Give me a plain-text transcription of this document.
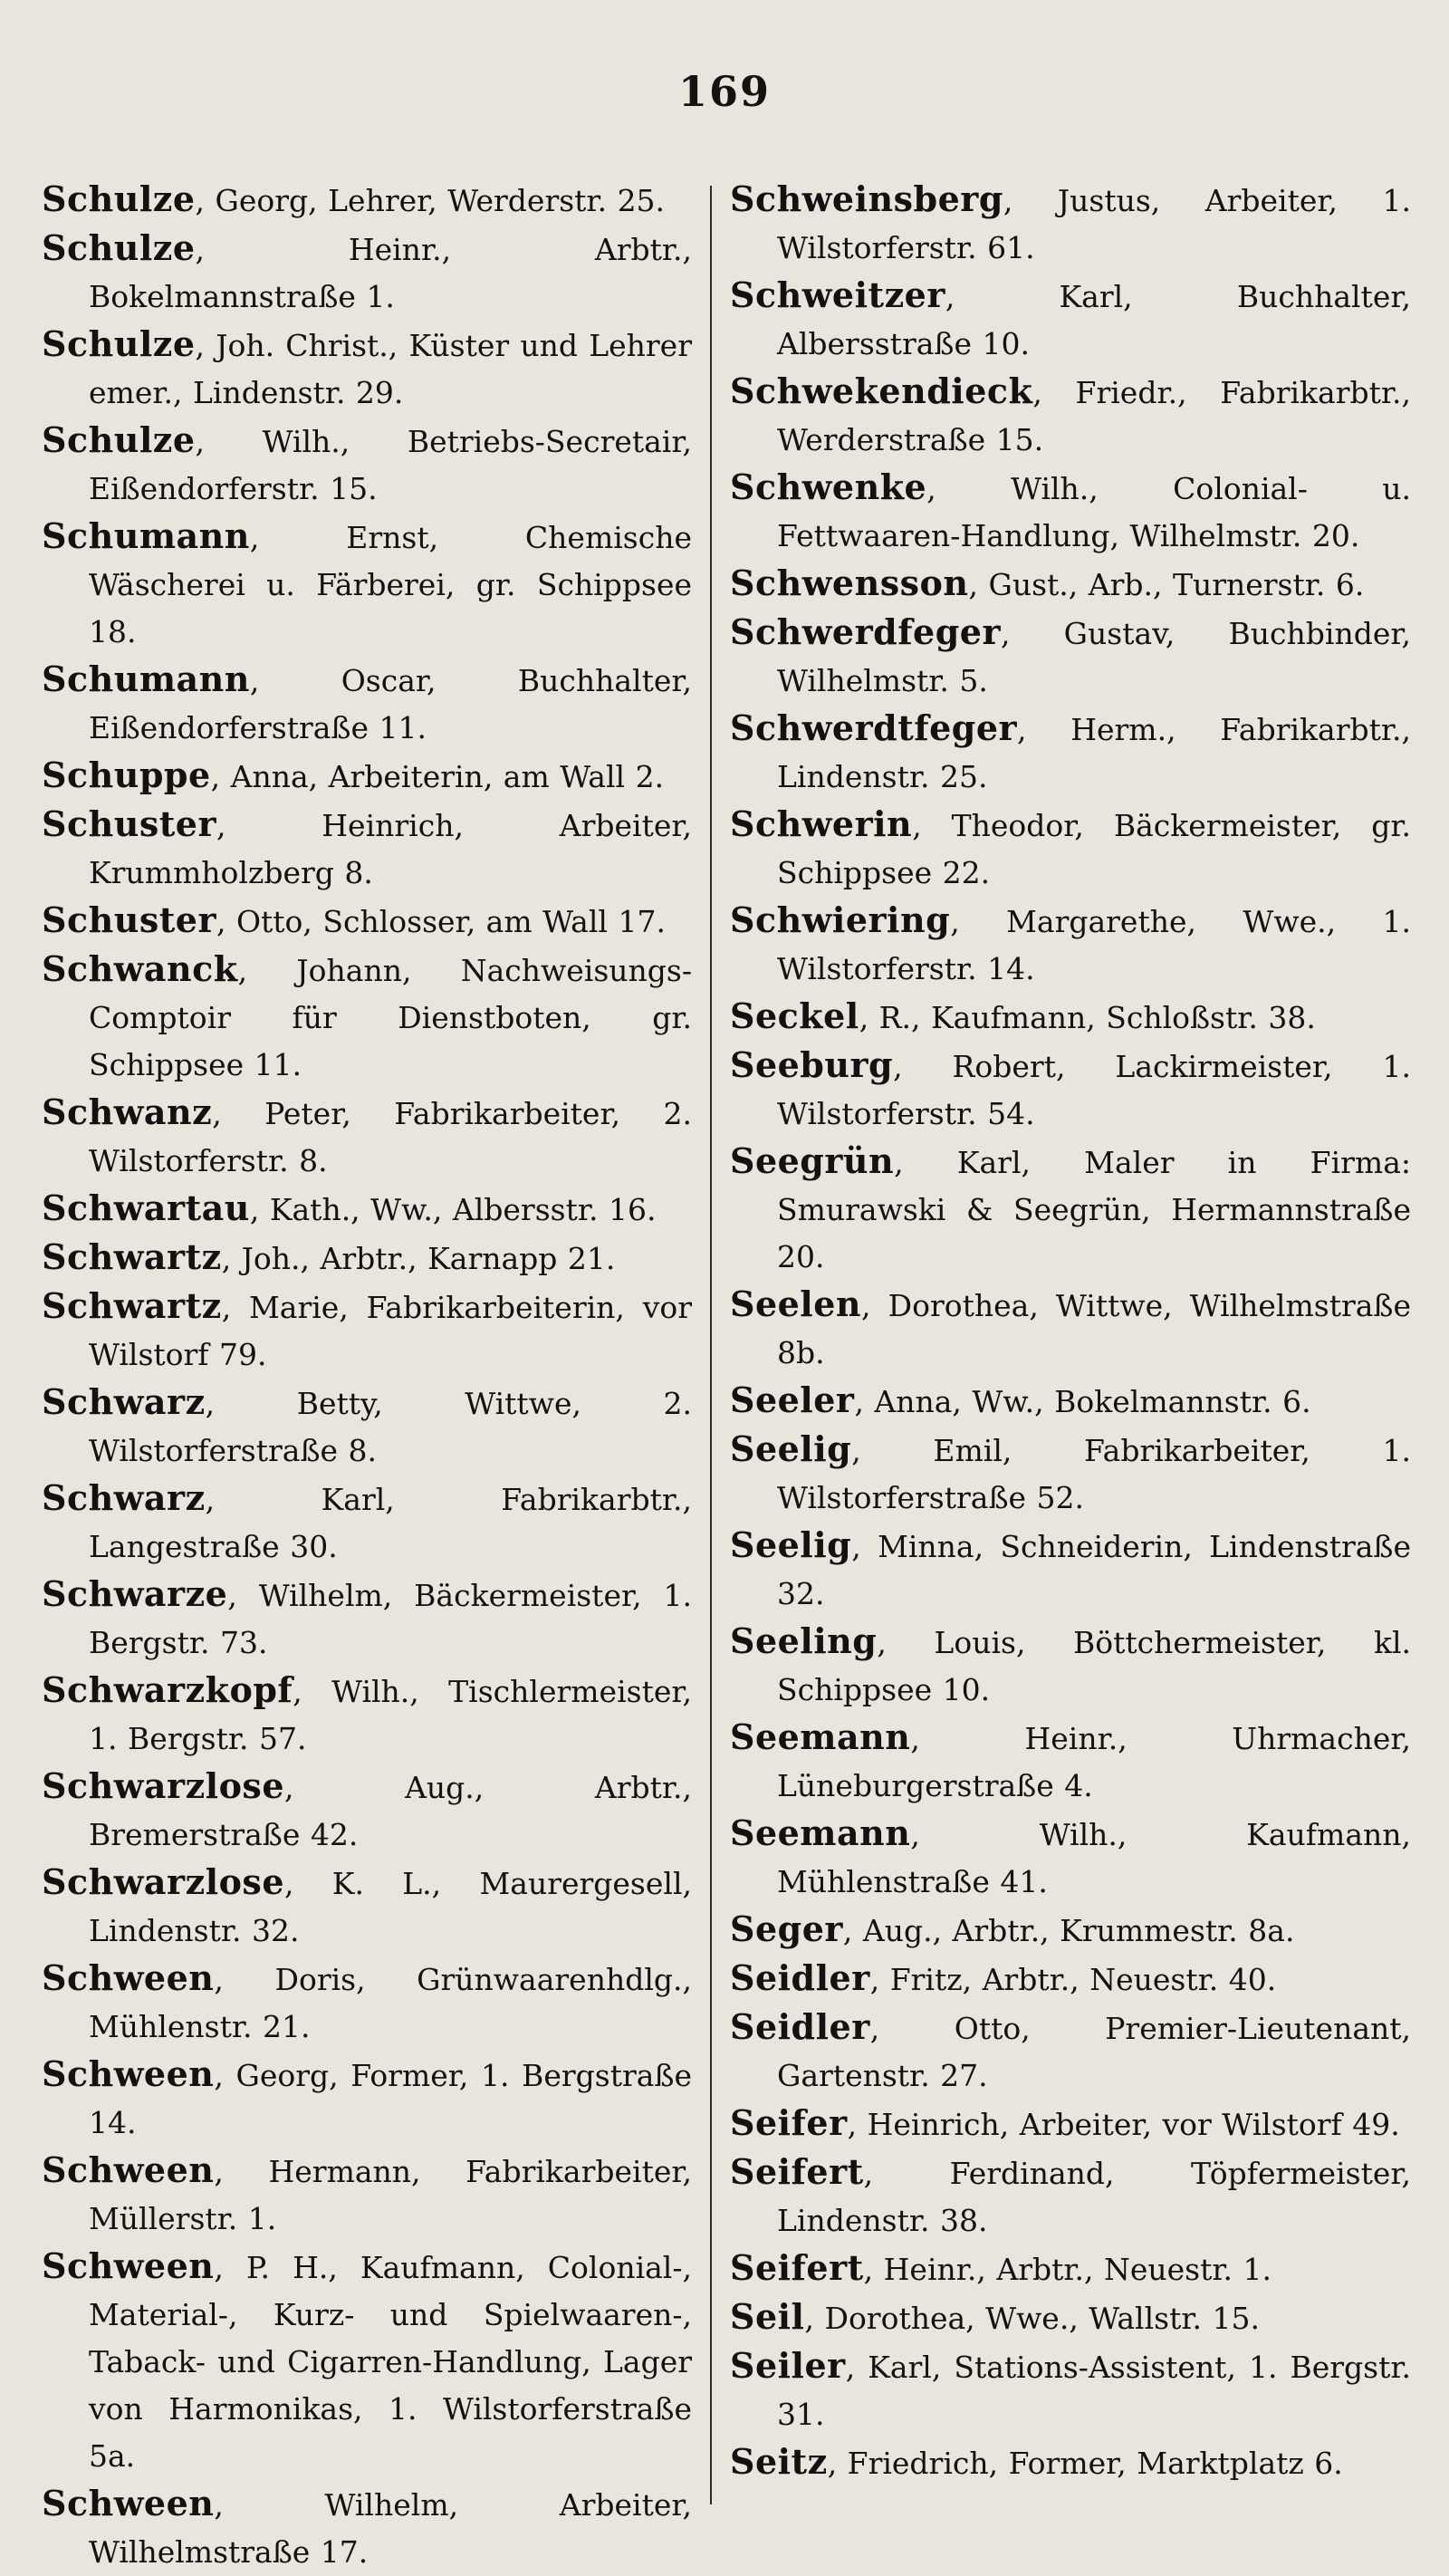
169
Schulze, Georg, Lehrer, Werderstr. 25.
Schulze, Heinr., Arbtr., Bokelmannstraße 1.
Schulze, Joh. Christ., Küster und Lehrer emer., Lindenstr. 29.
Schulze, Wilh., Betriebs-Secretair, Eißendorferstr. 15.
Schumann, Ernst, Chemische Wäscherei u. Färberei, gr. Schippsee 18.
Schumann, Oscar, Buchhalter, Eißendorferstraße 11.
Schuppe, Anna, Arbeiterin, am Wall 2.
Schuster, Heinrich, Arbeiter, Krummholzberg 8.
Schuster, Otto, Schlosser, am Wall 17.
Schwanck, Johann, Nachweisungs-Comptoir für Dienstboten, gr. Schippsee 11.
Schwanz, Peter, Fabrikarbeiter, 2. Wilstorferstr. 8.
Schwartau, Kath., Ww., Albersstr. 16.
Schwartz, Joh., Arbtr., Karnapp 21.
Schwartz, Marie, Fabrikarbeiterin, vor Wilstorf 79.
Schwarz, Betty, Wittwe, 2. Wilstorferstraße 8.
Schwarz, Karl, Fabrikarbtr., Langestraße 30.
Schwarze, Wilhelm, Bäckermeister, 1. Bergstr. 73.
Schwarzkopf, Wilh., Tischlermeister, 1. Bergstr. 57.
Schwarzlose, Aug., Arbtr., Bremerstraße 42.
Schwarzlose, K. L., Maurergesell, Lindenstr. 32.
Schween, Doris, Grünwaarenhdlg., Mühlenstr. 21.
Schween, Georg, Former, 1. Bergstraße 14.
Schween, Hermann, Fabrikarbeiter, Müllerstr. 1.
Schween, P. H., Kaufmann, Colonial-, Material-, Kurz- und Spielwaaren-, Taback- und Cigarren-Handlung, Lager von Harmonikas, 1. Wilstorferstraße 5a.
Schween, Wilhelm, Arbeiter, Wilhelmstraße 17.
Schweinsberg, Justus, Arbeiter, 1. Wilstorferstr. 61.
Schweitzer, Karl, Buchhalter, Albersstraße 10.
Schwekendieck, Friedr., Fabrikarbtr., Werderstraße 15.
Schwenke, Wilh., Colonial- u. Fettwaaren-Handlung, Wilhelmstr. 20.
Schwensson, Gust., Arb., Turnerstr. 6.
Schwerdfeger, Gustav, Buchbinder, Wilhelmstr. 5.
Schwerdtfeger, Herm., Fabrikarbtr., Lindenstr. 25.
Schwerin, Theodor, Bäckermeister, gr. Schippsee 22.
Schwiering, Margarethe, Wwe., 1. Wilstorferstr. 14.
Seckel, R., Kaufmann, Schloßstr. 38.
Seeburg, Robert, Lackirmeister, 1. Wilstorferstr. 54.
Seegrün, Karl, Maler in Firma: Smurawski & Seegrün, Hermannstraße 20.
Seelen, Dorothea, Wittwe, Wilhelmstraße 8b.
Seeler, Anna, Ww., Bokelmannstr. 6.
Seelig, Emil, Fabrikarbeiter, 1. Wilstorferstraße 52.
Seelig, Minna, Schneiderin, Lindenstraße 32.
Seeling, Louis, Böttchermeister, kl. Schippsee 10.
Seemann, Heinr., Uhrmacher, Lüneburgerstraße 4.
Seemann, Wilh., Kaufmann, Mühlenstraße 41.
Seger, Aug., Arbtr., Krummestr. 8a.
Seidler, Fritz, Arbtr., Neuestr. 40.
Seidler, Otto, Premier-Lieutenant, Gartenstr. 27.
Seifer, Heinrich, Arbeiter, vor Wilstorf 49.
Seifert, Ferdinand, Töpfermeister, Lindenstr. 38.
Seifert, Heinr., Arbtr., Neuestr. 1.
Seil, Dorothea, Wwe., Wallstr. 15.
Seiler, Karl, Stations-Assistent, 1. Bergstr. 31.
Seitz, Friedrich, Former, Marktplatz 6.
